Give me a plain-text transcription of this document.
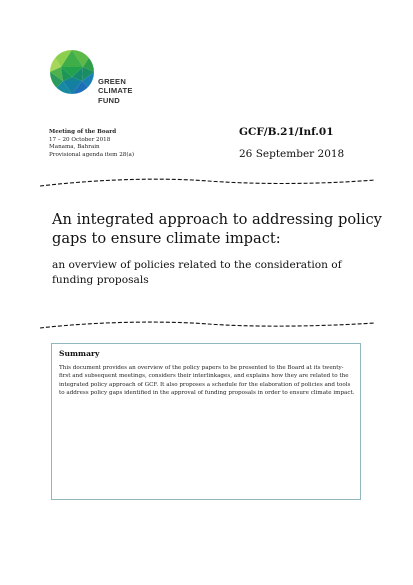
GREEN
CLIMATE
FUND
Meeting of the Board
17 – 20 October 2018
Manama, Bahrain
Provisional agenda item 28(a)
GCF/B.21/Inf.01
26 September 2018
An integrated approach to addressing policy gaps to ensure climate impact:
an overview of policies related to the consideration of funding proposals
Summary
This document provides an overview of the policy papers to be presented to the Board at its twenty-first and subsequent meetings, considers their interlinkages, and explains how they are related to the integrated policy approach of GCF. It also proposes a schedule for the elaboration of policies and tools to address policy gaps identified in the approval of funding proposals in order to ensure climate impact.
